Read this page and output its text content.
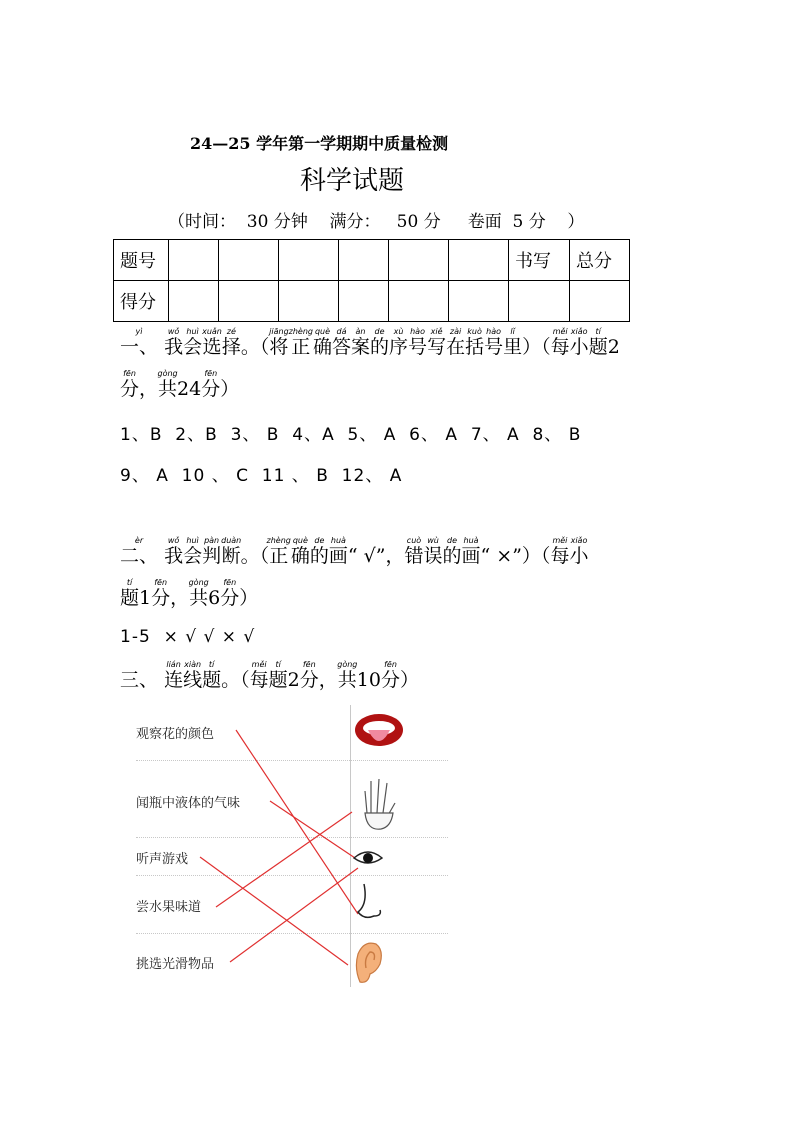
24—25 学年第一学期期中质量检测
科学试题
（时间：  30 分钟    满分：   50 分     卷面  5 分    ）
题号							书写	总分
得分								
一、yì 我wǒ会huì选xuǎn择zé。（将jiāng正zhèng确què答dá案àn的de序xù号hào写xiě在zài括kuò号hào里lǐ）（每měi小xiǎo题tí2
分fēn，共gòng24分fēn）
1、B  2、B  3、 B  4、A  5、 A  6、 A  7、 A  8、 B
9、 A  10 、 C  11 、 B  12、 A
二、èr 我wǒ会huì判pàn断duàn。（正zhèng确què的de画huà“ √”，错cuò误wù的de画huà“ ×”）（每měi小xiǎo
题tí1分fēn，共gòng6分fēn）
1-5  × √ √ × √
三、 连lián线xiàn题tí。（每měi题tí2分fēn，共gòng10分fēn）
观察花的颜色
闻瓶中液体的气味
听声游戏
尝水果味道
挑选光滑物品
